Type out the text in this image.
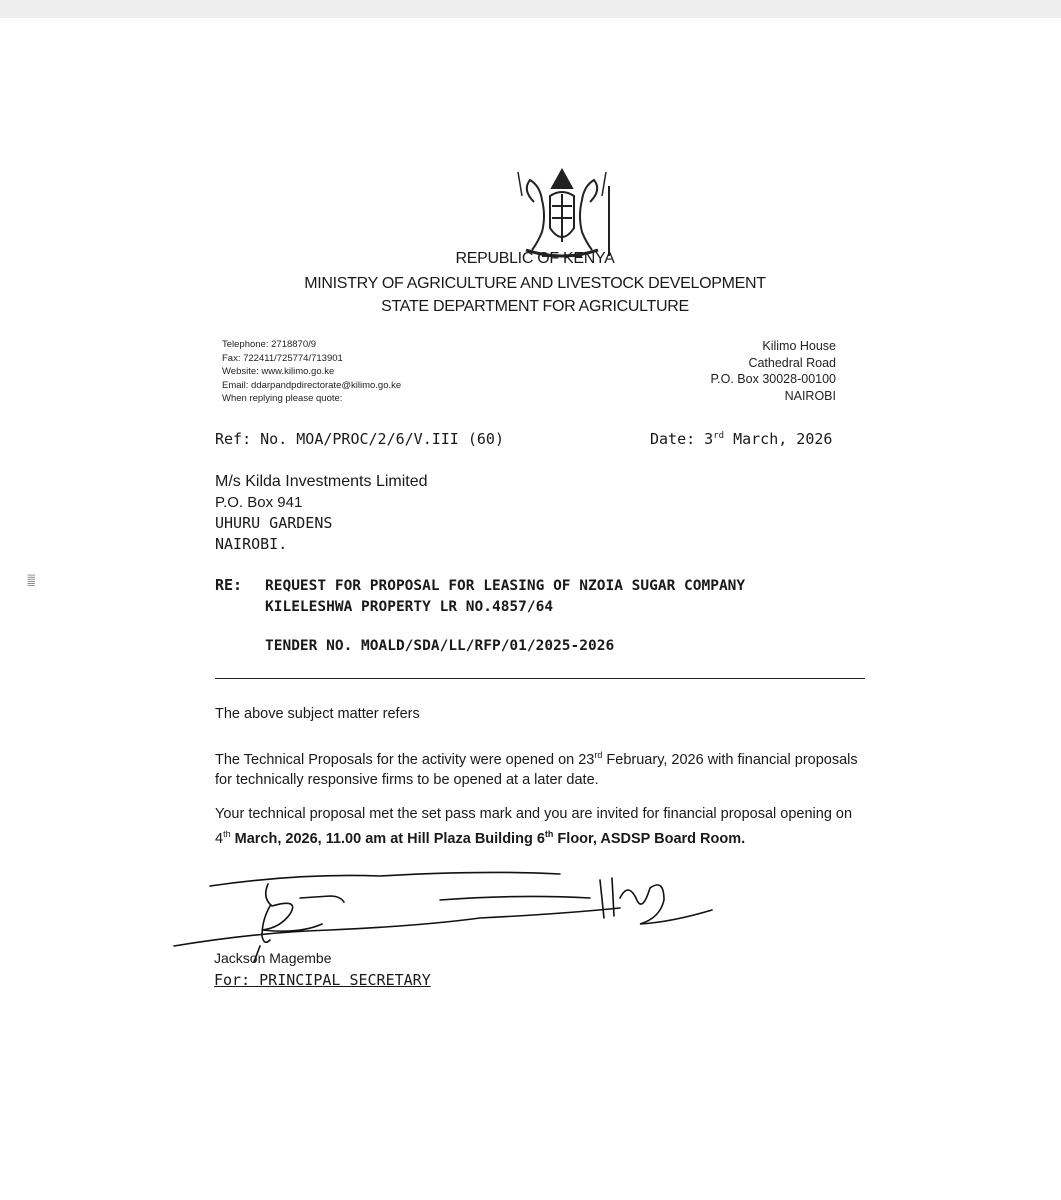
REPUBLIC OF KENYA
MINISTRY OF AGRICULTURE AND LIVESTOCK DEVELOPMENT
STATE DEPARTMENT FOR AGRICULTURE
Telephone: 2718870/9
Fax: 722411/725774/713901
Website: www.kilimo.go.ke
Email: ddarpandpdirectorate@kilimo.go.ke
When replying please quote:
Kilimo House
Cathedral Road
P.O. Box 30028-00100
NAIROBI
Ref: No. MOA/PROC/2/6/V.III (60)	Date: 3rd March, 2026
M/s Kilda Investments Limited
P.O. Box 941
UHURU GARDENS
NAIROBI.
RE: REQUEST FOR PROPOSAL FOR LEASING OF NZOIA SUGAR COMPANY
KILELESHWA PROPERTY LR NO.4857/64
TENDER NO. MOALD/SDA/LL/RFP/01/2025-2026
The above subject matter refers
The Technical Proposals for the activity were opened on 23rd February, 2026 with financial proposals for technically responsive firms to be opened at a later date.
Your technical proposal met the set pass mark and you are invited for financial proposal opening on 4th March, 2026, 11.00 am at Hill Plaza Building 6th Floor, ASDSP Board Room.
Jackson Magembe
For: PRINCIPAL SECRETARY
||||||
